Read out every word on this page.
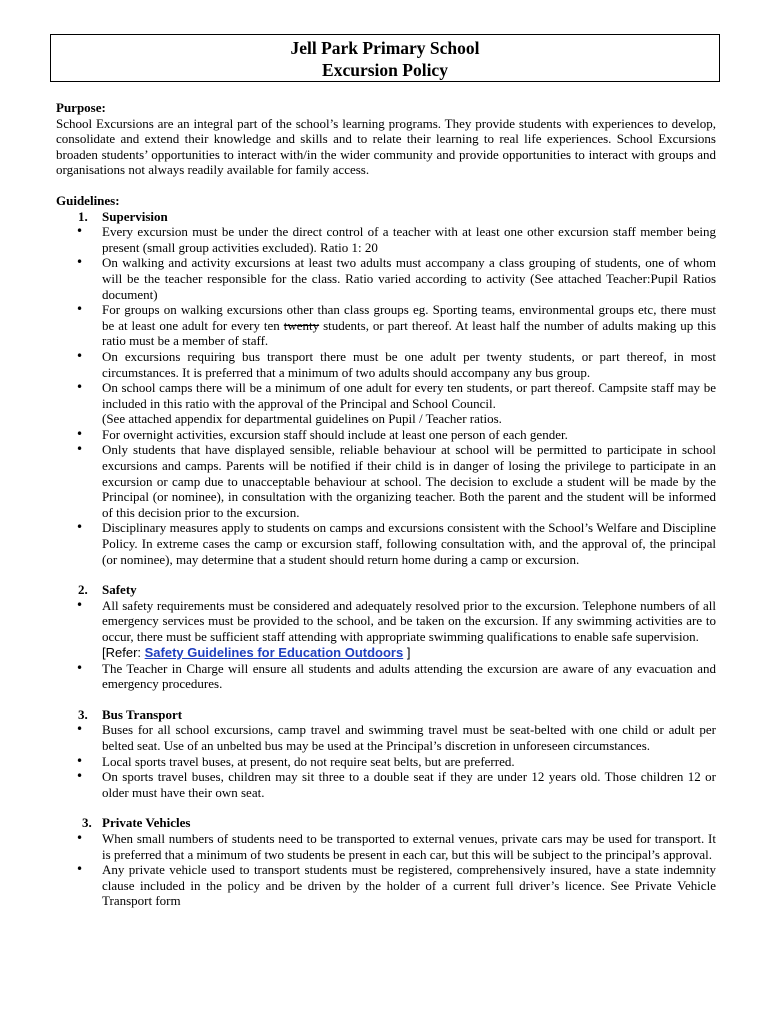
Jell Park Primary School
Excursion Policy

Purpose:

School Excursions are an integral part of the school’s learning programs. They provide students with experiences to develop, consolidate and extend their knowledge and skills and to relate their learning to real life experiences. School Excursions broaden students’ opportunities to interact with/in the wider community and provide opportunities to interact with groups and organisations not always readily available for family access.

Guidelines:

1. Supervision
• Every excursion must be under the direct control of a teacher with at least one other excursion staff member being present (small group activities excluded). Ratio 1: 20
• On walking and activity excursions at least two adults must accompany a class grouping of students, one of whom will be the teacher responsible for the class. Ratio varied according to activity (See attached Teacher:Pupil Ratios document)
• For groups on walking excursions other than class groups eg. Sporting teams, environmental groups etc, there must be at least one adult for every ten twenty students, or part thereof. At least half the number of adults making up this ratio must be a member of staff.
• On excursions requiring bus transport there must be one adult per twenty students, or part thereof, in most circumstances. It is preferred that a minimum of two adults should accompany any bus group.
• On school camps there will be a minimum of one adult for every ten students, or part thereof. Campsite staff may be included in this ratio with the approval of the Principal and School Council.
(See attached appendix for departmental guidelines on Pupil / Teacher ratios.
• For overnight activities, excursion staff should include at least one person of each gender.
• Only students that have displayed sensible, reliable behaviour at school will be permitted to participate in school excursions and camps. Parents will be notified if their child is in danger of losing the privilege to participate in an excursion or camp due to unacceptable behaviour at school. The decision to exclude a student will be made by the Principal (or nominee), in consultation with the organizing teacher. Both the parent and the student will be informed of this decision prior to the excursion.
• Disciplinary measures apply to students on camps and excursions consistent with the School’s Welfare and Discipline Policy. In extreme cases the camp or excursion staff, following consultation with, and the approval of, the principal (or nominee), may determine that a student should return home during a camp or excursion.
2. Safety
• All safety requirements must be considered and adequately resolved prior to the excursion. Telephone numbers of all emergency services must be provided to the school, and be taken on the excursion. If any swimming activities are to occur, there must be sufficient staff attending with appropriate swimming qualifications to enable safe supervision.
[Refer: Safety Guidelines for Education Outdoors ]
• The Teacher in Charge will ensure all students and adults attending the excursion are aware of any evacuation and emergency procedures.
3. Bus Transport
• Buses for all school excursions, camp travel and swimming travel must be seat-belted with one child or adult per belted seat. Use of an unbelted bus may be used at the Principal’s discretion in unforeseen circumstances.
• Local sports travel buses, at present, do not require seat belts, but are preferred.
• On sports travel buses, children may sit three to a double seat if they are under 12 years old. Those children 12 or older must have their own seat.
3. Private Vehicles
• When small numbers of students need to be transported to external venues, private cars may be used for transport. It is preferred that a minimum of two students be present in each car, but this will be subject to the principal’s approval.
• Any private vehicle used to transport students must be registered, comprehensively insured, have a state indemnity clause included in the policy and be driven by the holder of a current full driver’s licence. See Private Vehicle Transport form
